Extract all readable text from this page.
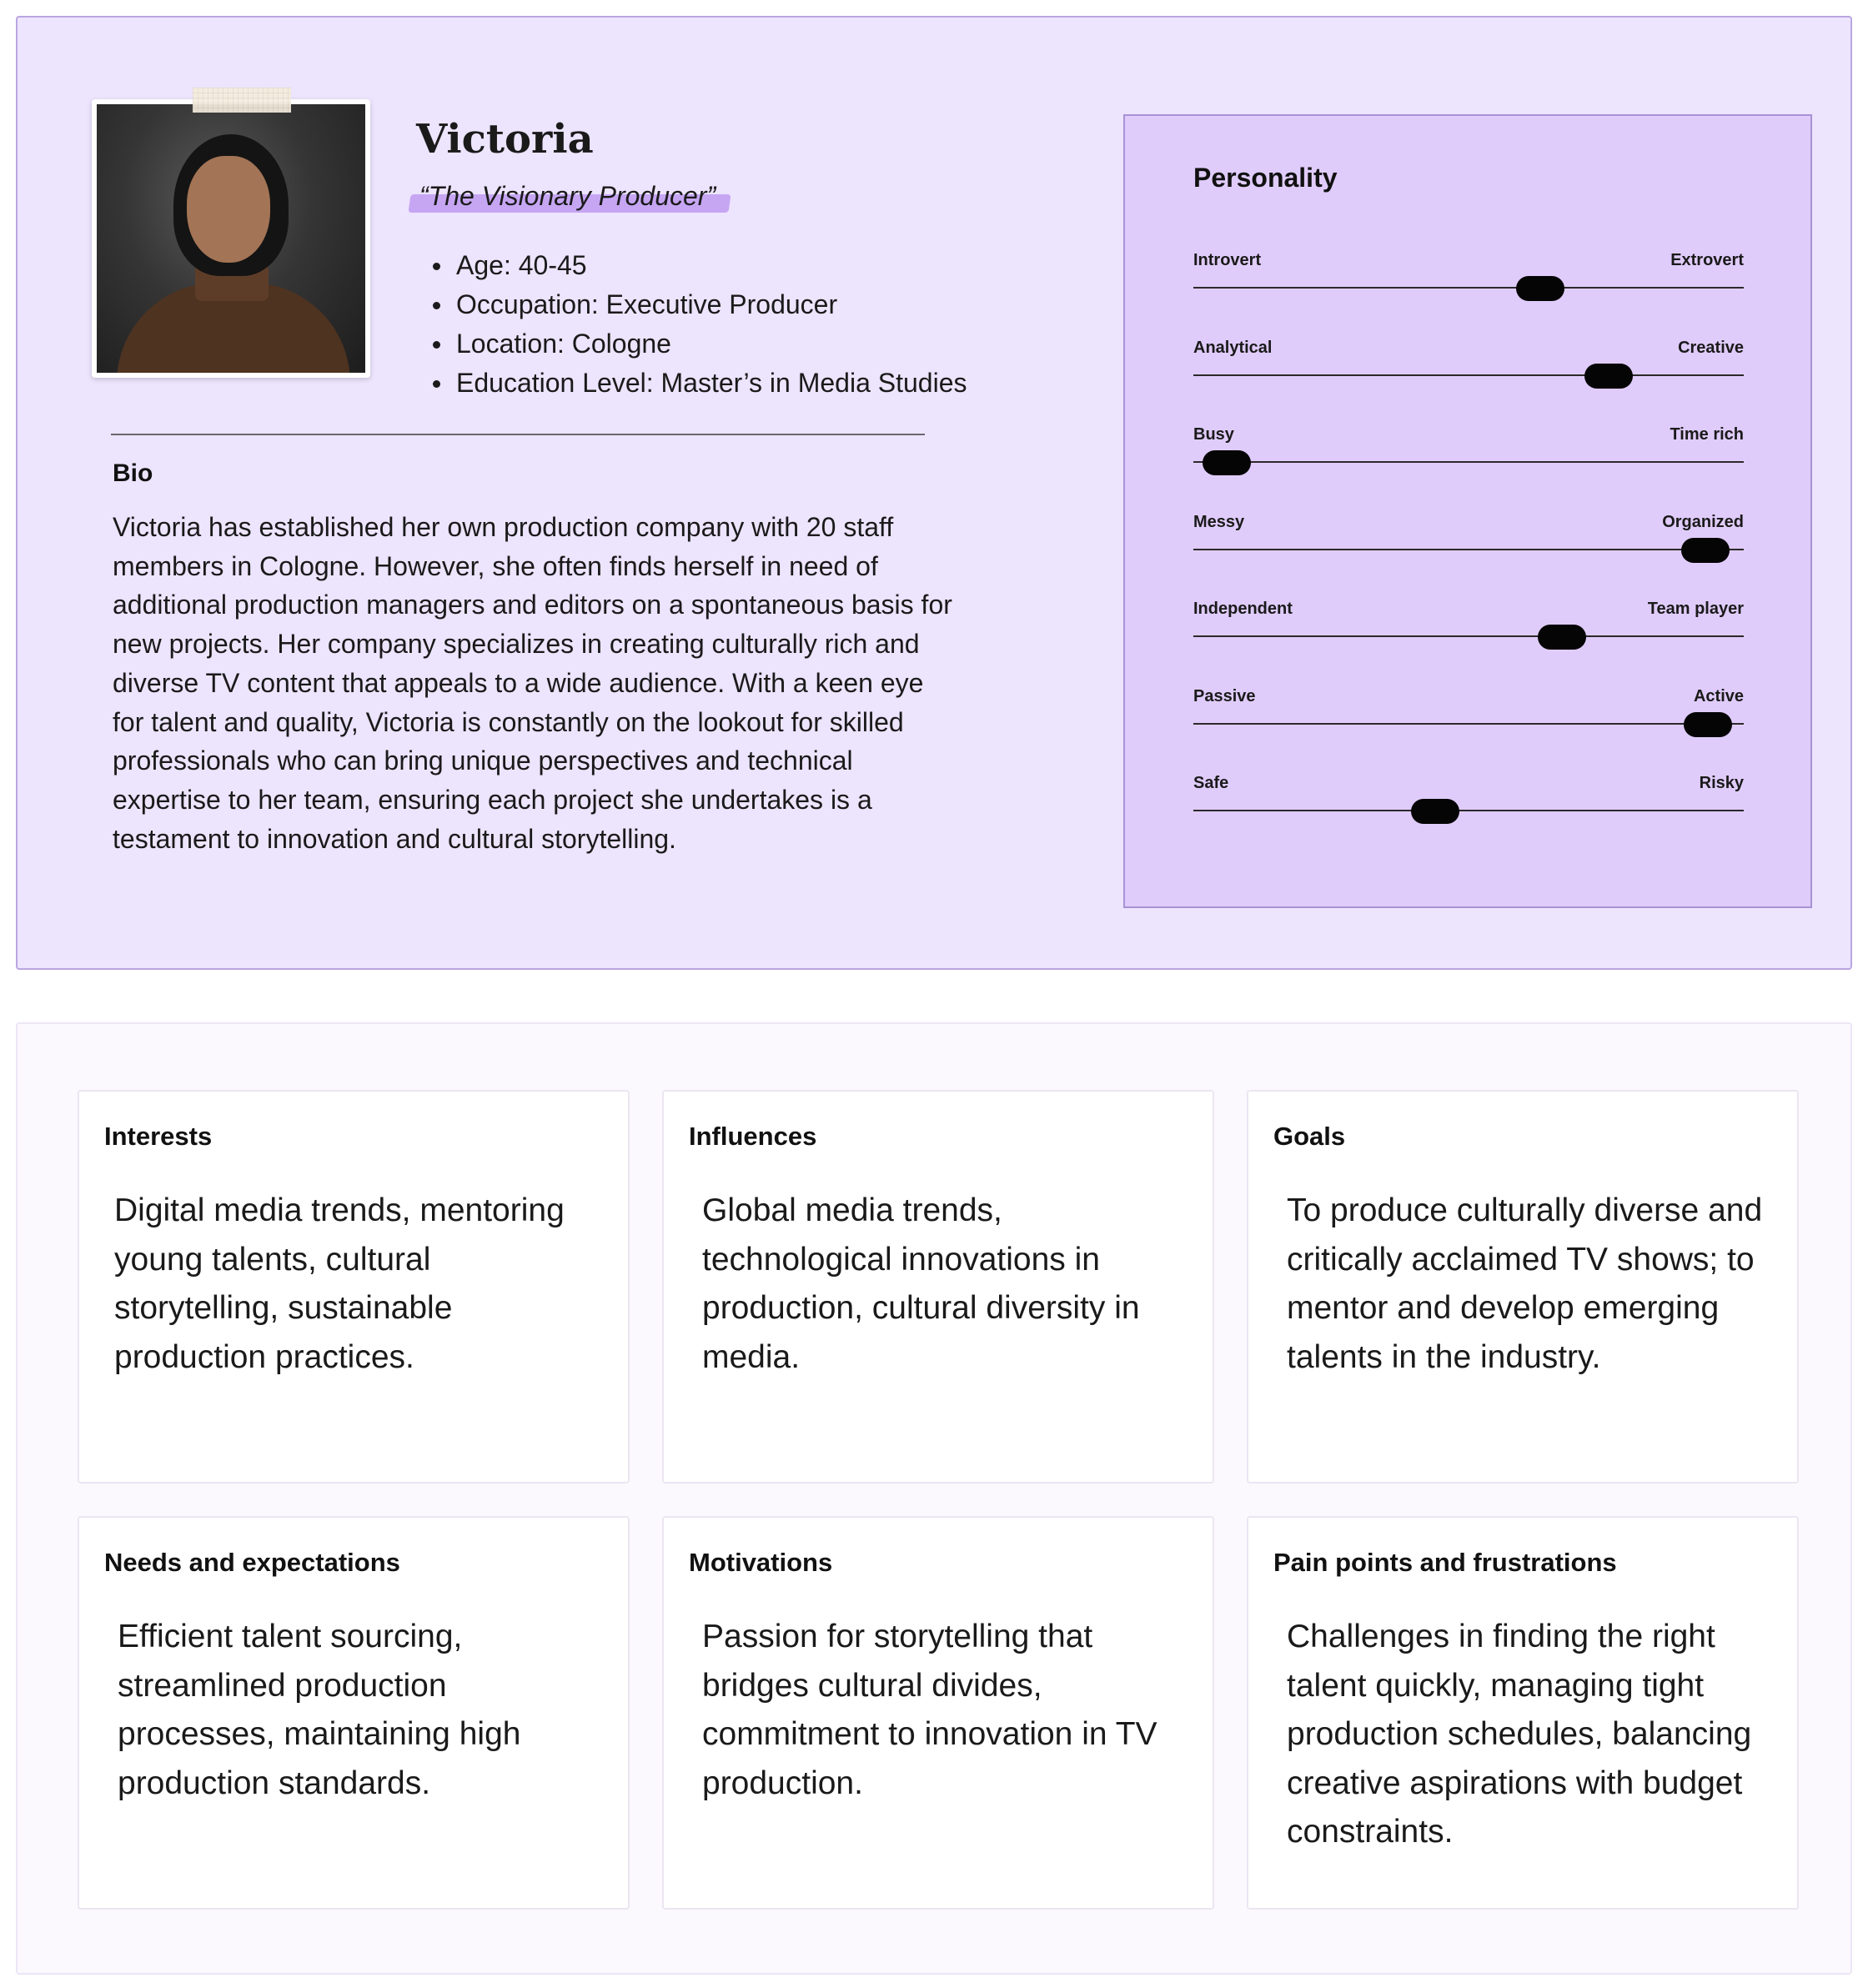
Victoria
“The Visionary Producer”
Age: 40-45
Occupation: Executive Producer
Location: Cologne
Education Level: Master’s in Media Studies
Bio

Victoria has established her own production company with 20 staff members in Cologne. However, she often finds herself in need of additional production managers and editors on a spontaneous basis for new projects. Her company specializes in creating culturally rich and diverse TV content that appeals to a wide audience. With a keen eye for talent and quality, Victoria is constantly on the lookout for skilled professionals who can bring unique perspectives and technical expertise to her team, ensuring each project she undertakes is a testament to innovation and cultural storytelling.

Personality
Introvert	Extrovert
Analytical	Creative
Busy	Time rich
Messy	Organized
Independent	Team player
Passive	Active
Safe	Risky
Interests

Digital media trends, mentoring young talents, cultural storytelling, sustainable production practices.

Influences

Global media trends, technological innovations in production, cultural diversity in media.

Goals

To produce culturally diverse and critically acclaimed TV shows; to mentor and develop emerging talents in the industry.

Needs and expectations

Efficient talent sourcing, streamlined production processes, maintaining high production standards.

Motivations

Passion for storytelling that bridges cultural divides, commitment to innovation in TV production.

Pain points and frustrations

Challenges in finding the right talent quickly, managing tight production schedules, balancing creative aspirations with budget constraints.
